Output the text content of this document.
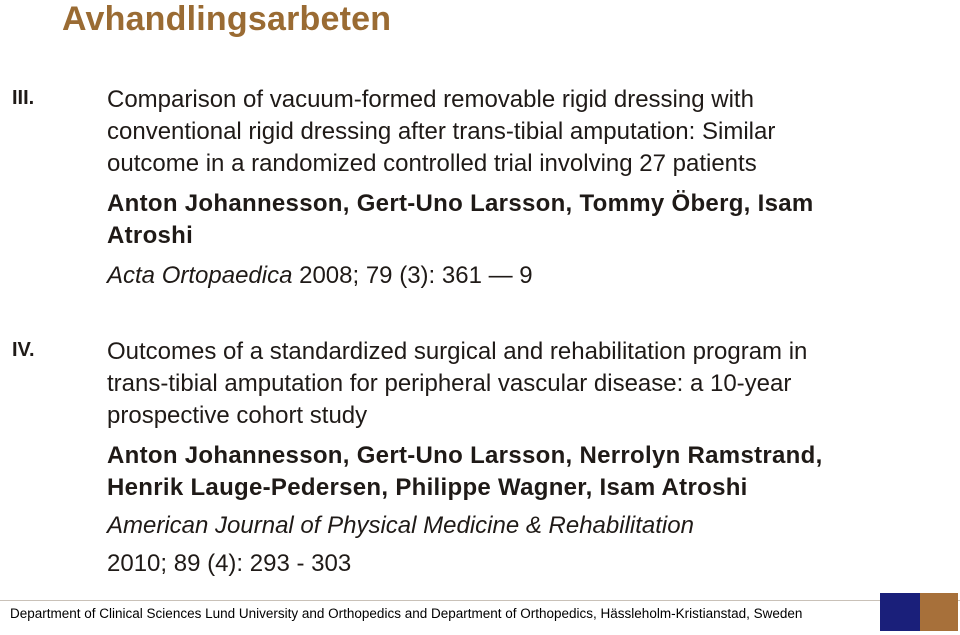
Avhandlingsarbeten
III.	Comparison of vacuum-formed removable rigid dressing with
conventional rigid dressing after trans-tibial amputation: Similar
outcome in a randomized controlled trial involving 27 patients
Anton Johannesson, Gert-Uno Larsson, Tommy Öberg, Isam
Atroshi
Acta Ortopaedica 2008; 79 (3): 361 — 9
IV.	Outcomes of a standardized surgical and rehabilitation program in
trans-tibial amputation for peripheral vascular disease: a 10-year
prospective cohort study
Anton Johannesson, Gert-Uno Larsson, Nerrolyn Ramstrand,
Henrik Lauge-Pedersen, Philippe Wagner, Isam Atroshi
American Journal of Physical Medicine & Rehabilitation
2010; 89 (4): 293 - 303
Department of Clinical Sciences Lund University and Orthopedics and Department of Orthopedics, Hässleholm-Kristianstad, Sweden
